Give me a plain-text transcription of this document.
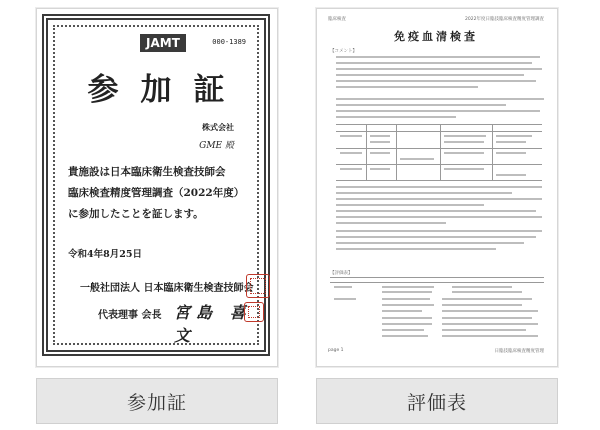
JAMT	000-1389
参加証
株式会社
GME 殿
貴施設は日本臨床衛生検査技師会
臨床検査精度管理調査（2022年度）
に参加したことを証します。
令和4年8月25日
一般社団法人 日本臨床衛生検査技師会
代表理事 会長 宮島 喜文
臨床検査	2022年度日臨技臨床検査精度管理調査
免疫血清検査
【コメント】
【評価表】
page 1	日臨技臨床検査精度管理
参加証	評価表
